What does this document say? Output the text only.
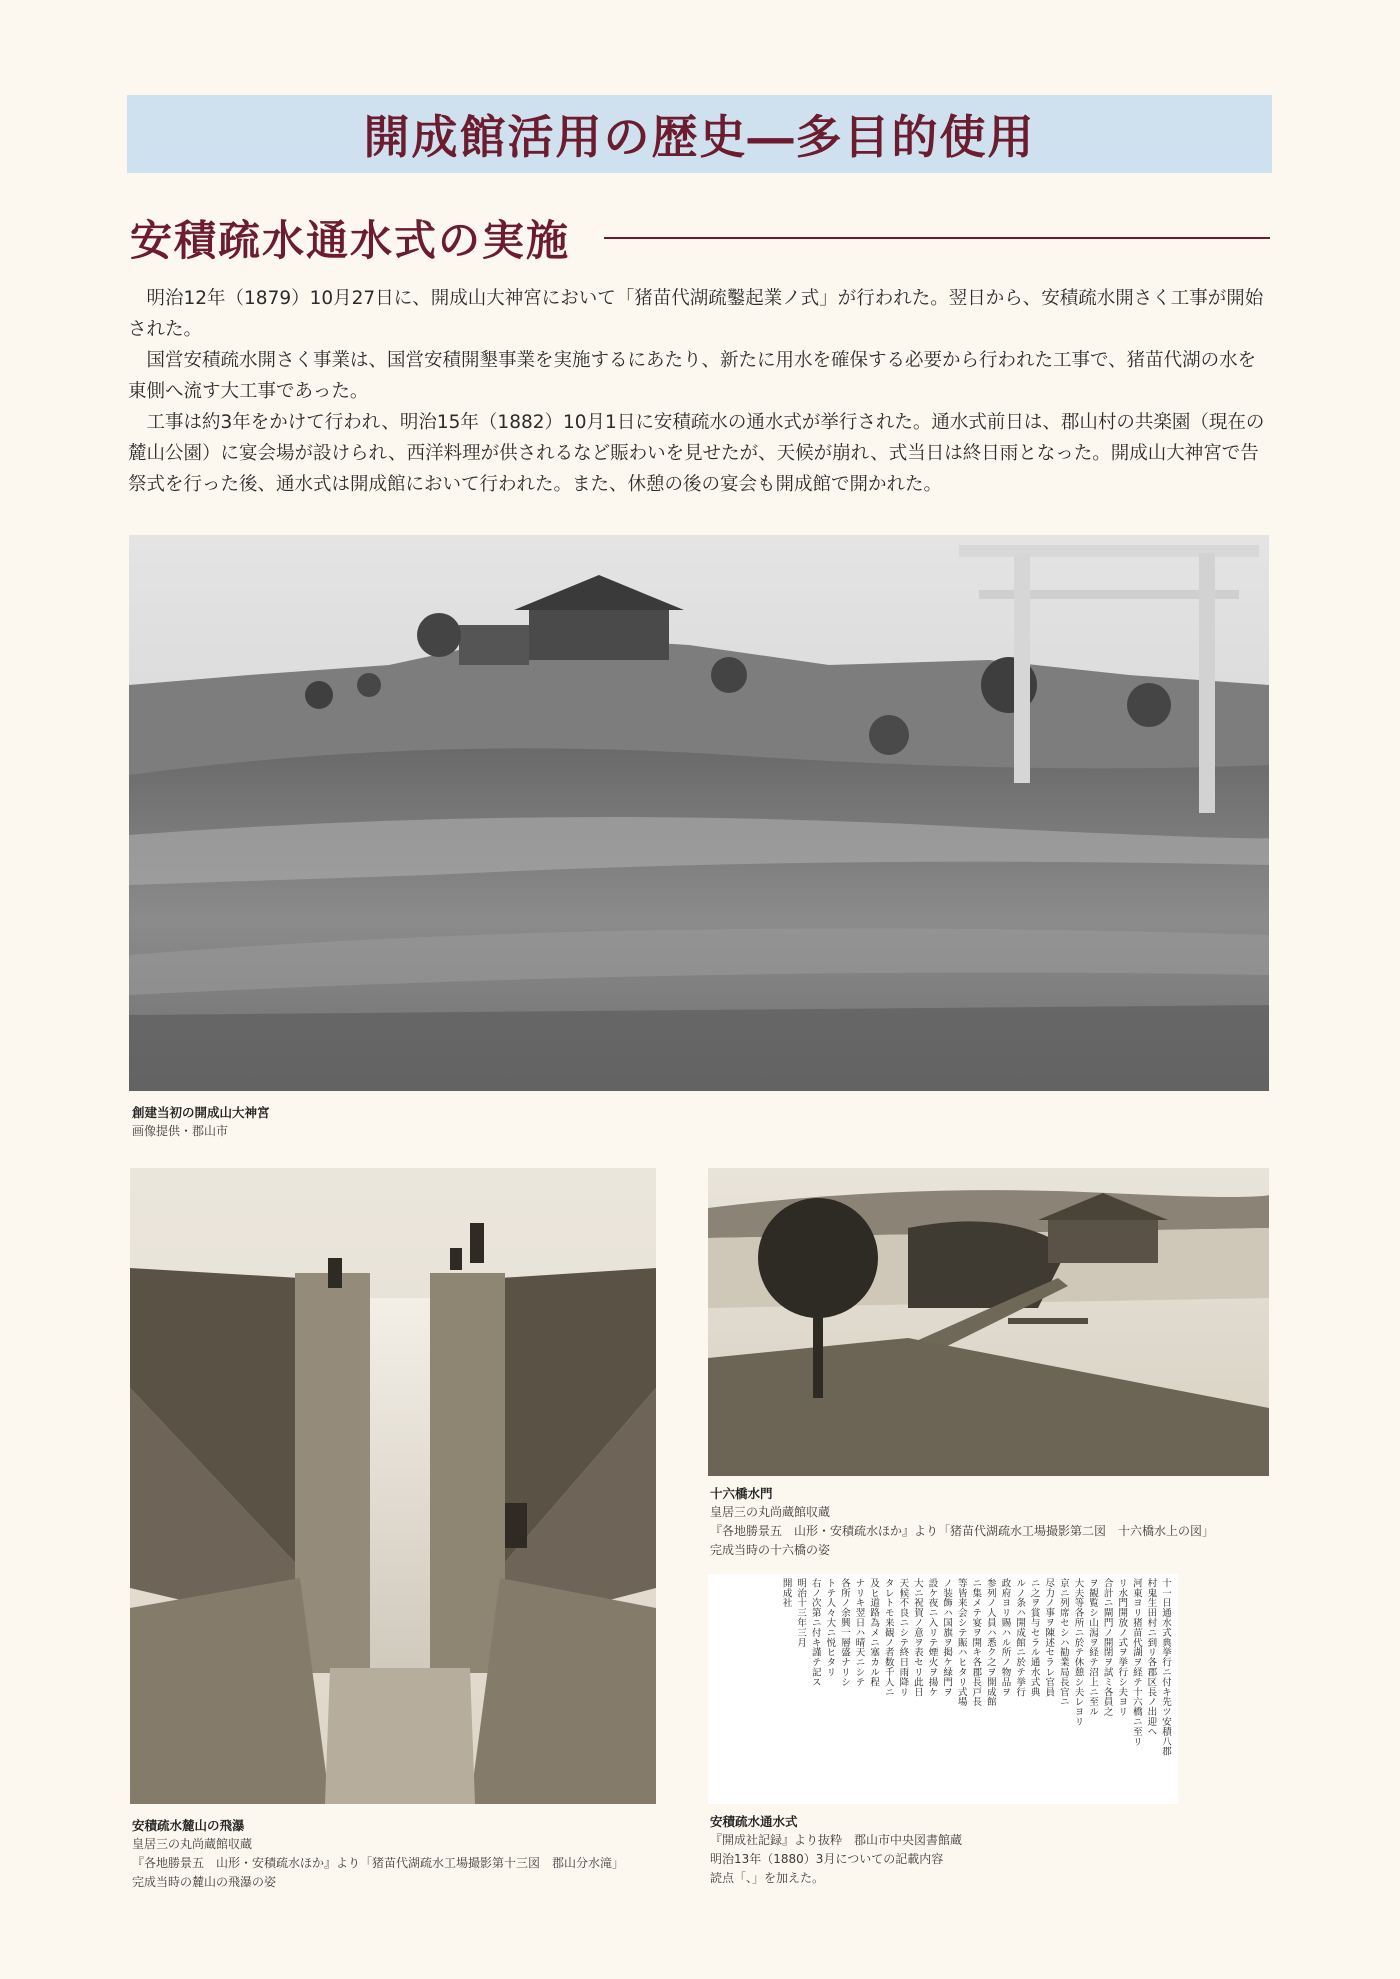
開成館活用の歴史―多目的使用
安積疏水通水式の実施

明治12年（1879）10月27日に、開成山大神宮において「猪苗代湖疏鑿起業ノ式」が行われた。翌日から、安積疏水開さく工事が開始された。

国営安積疏水開さく事業は、国営安積開墾事業を実施するにあたり、新たに用水を確保する必要から行われた工事で、猪苗代湖の水を東側へ流す大工事であった。

工事は約3年をかけて行われ、明治15年（1882）10月1日に安積疏水の通水式が挙行された。通水式前日は、郡山村の共楽園（現在の麓山公園）に宴会場が設けられ、西洋料理が供されるなど賑わいを見せたが、天候が崩れ、式当日は終日雨となった。開成山大神宮で告祭式を行った後、通水式は開成館において行われた。また、休憩の後の宴会も開成館で開かれた。

創建当初の開成山大神宮
画像提供・郡山市
安積疏水麓山の飛瀑
皇居三の丸尚蔵館収蔵
『各地勝景五　山形・安積疏水ほか』より「猪苗代湖疏水工場撮影第十三図　郡山分水滝」
完成当時の麓山の飛瀑の姿
十六橋水門
皇居三の丸尚蔵館収蔵
『各地勝景五　山形・安積疏水ほか』より「猪苗代湖疏水工場撮影第二図　十六橋水上の図」
完成当時の十六橋の姿
十一日通水式典挙行ニ付キ先ツ安積八郡
村鬼生田村ニ到リ各郡区長ノ出迎ヘ
河東ヨリ猪苗代湖ヲ経テ十六橋ニ至リ
リ水門開放ノ式ヲ挙行シ夫ヨリ
合計ニ閘門ノ開閉ヲ試ミ各員之
ヲ観覧シ山潟ヲ経テ沼上ニ至ル
大夫等各所ニ於テ休憩シ夫レヨリ
京ニ列席セシハ勧業局長官ニ
尽力ノ事ヲ陳述セラレ官員
ニ之ヲ賞与セラル通水式典
ルノ条ハ開成館ニ於テ挙行
政府ヨリ賜ハル所ノ物品ヲ
参列ノ人員ハ悉ク之ヲ開成館
ニ集メテ宴ヲ開キ各郡長戸長
等皆来会シテ賑ハヒタリ式場
ノ装飾ハ国旗ヲ掲ケ緑門ヲ
設ケ夜ニ入リテ煙火ヲ揚ケ
大ニ祝賀ノ意ヲ表セリ此日
天候不良ニシテ終日雨降リ
タレトモ来観ノ者数千人ニ
及ヒ道路為メニ塞カル程
ナリキ翌日ハ晴天ニシテ
各所ノ余興一層盛ナリシ
トテ人々大ニ悦ヒタリ
右ノ次第ニ付キ謹テ記ス
明治十三年三月
開成社
安積疏水通水式
『開成社記録』より抜粋　郡山市中央図書館蔵
明治13年（1880）3月についての記載内容
読点「、」を加えた。
